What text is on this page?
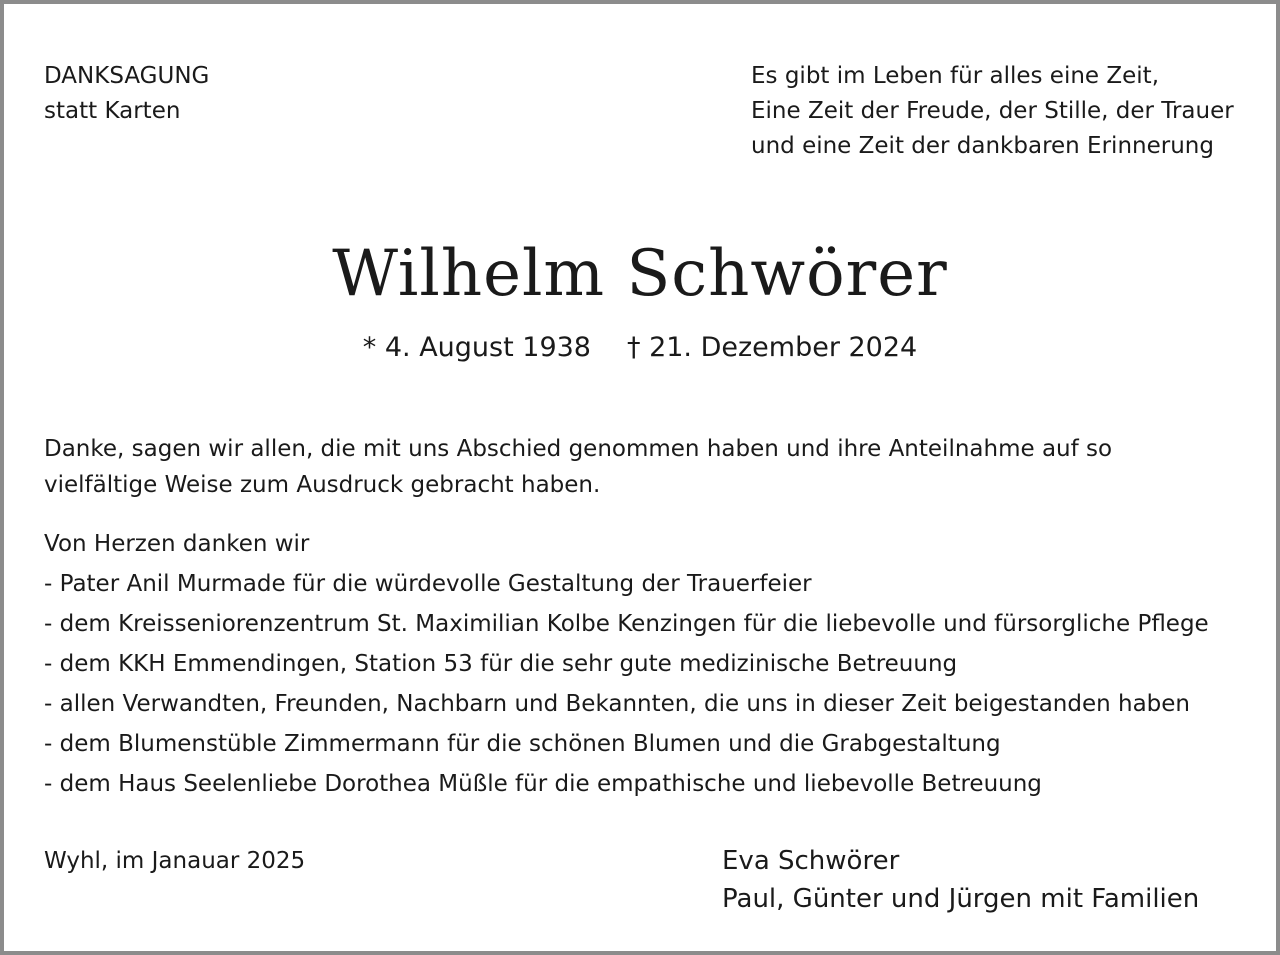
DANKSAGUNG
statt Karten
Es gibt im Leben für alles eine Zeit,
Eine Zeit der Freude, der Stille, der Trauer
und eine Zeit der dankbaren Erinnerung
Wilhelm Schwörer
* 4. August 1938 † 21. Dezember 2024
Danke, sagen wir allen, die mit uns Abschied genommen haben und ihre Anteilnahme auf so
vielfältige Weise zum Ausdruck gebracht haben.
Von Herzen danken wir
- Pater Anil Murmade für die würdevolle Gestaltung der Trauerfeier
- dem Kreisseniorenzentrum St. Maximilian Kolbe Kenzingen für die liebevolle und fürsorgliche Pflege
- dem KKH Emmendingen, Station 53 für die sehr gute medizinische Betreuung
- allen Verwandten, Freunden, Nachbarn und Bekannten, die uns in dieser Zeit beigestanden haben
- dem Blumenstüble Zimmermann für die schönen Blumen und die Grabgestaltung
- dem Haus Seelenliebe Dorothea Müßle für die empathische und liebevolle Betreuung
Wyhl, im Janauar 2025	Eva Schwörer
Paul, Günter und Jürgen mit Familien
